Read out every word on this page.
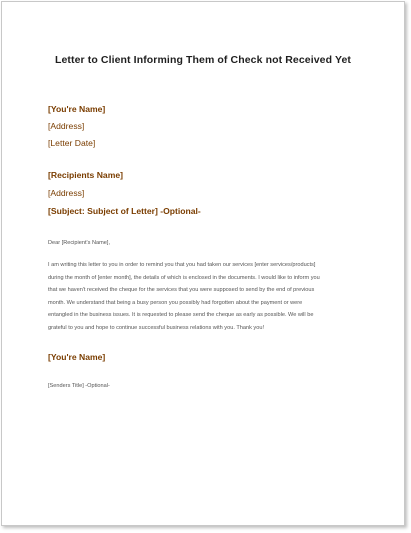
Letter to Client Informing Them of Check not Received Yet
[You're Name]
[Address]
[Letter Date]
[Recipients Name]
[Address]
[Subject: Subject of Letter] -Optional-
Dear [Recipient's Name],
I am writing this letter to you in order to remind you that you had taken our services [enter services/products]
during the month of [enter month], the details of which is enclosed in the documents. I would like to inform you
that we haven't received the cheque for the services that you were supposed to send by the end of previous
month. We understand that being a busy person you possibly had forgotten about the payment or were
entangled in the business issues. It is requested to please send the cheque as early as possible. We will be
grateful to you and hope to continue successful business relations with you. Thank you!
[You're Name]
[Senders Title] -Optional-
